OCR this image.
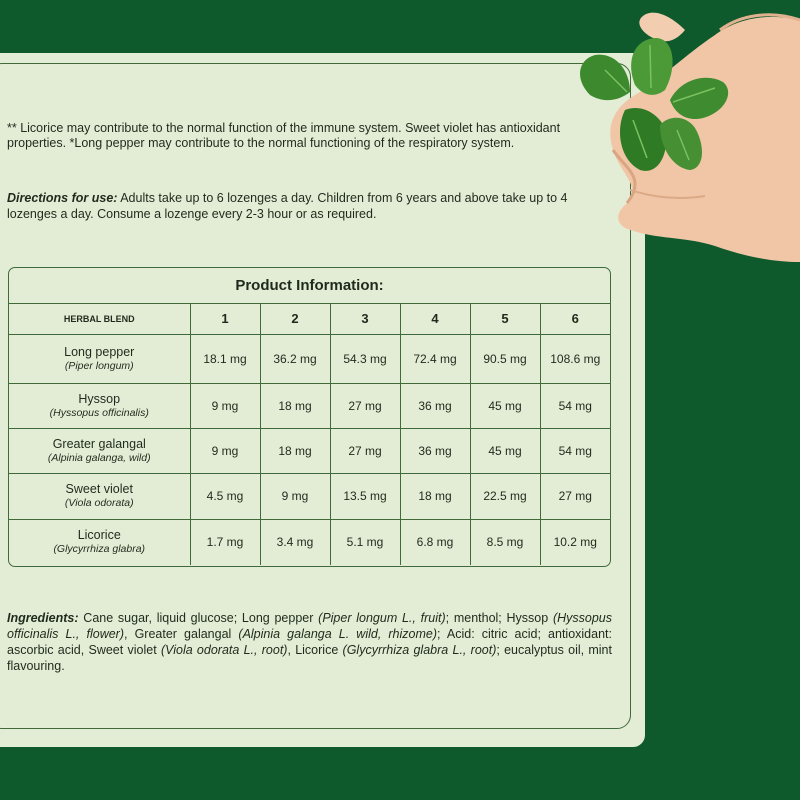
** Licorice may contribute to the normal function of the immune system. Sweet violet has antioxidant properties. *Long pepper may contribute to the normal functioning of the respiratory system.

Directions for use: Adults take up to 6 lozenges a day. Children from 6 years and above take up to 4 lozenges a day. Consume a lozenge every 2-3 hour or as required.

Product Information:
HERBAL BLEND	1	2	3	4	5	6

Long pepper
(Piper longum)	18.1 mg	36.2 mg	54.3 mg	72.4 mg	90.5 mg	108.6 mg

Hyssop
(Hyssopus officinalis)	9 mg	18 mg	27 mg	36 mg	45 mg	54 mg

Greater galangal
(Alpinia galanga, wild)	9 mg	18 mg	27 mg	36 mg	45 mg	54 mg

Sweet violet
(Viola odorata)	4.5 mg	9 mg	13.5 mg	18 mg	22.5 mg	27 mg

Licorice
(Glycyrrhiza glabra)	1.7 mg	3.4 mg	5.1 mg	6.8 mg	8.5 mg	10.2 mg

Ingredients: Cane sugar, liquid glucose; Long pepper (Piper longum L., fruit); menthol; Hyssop (Hyssopus officinalis L., flower), Greater galangal (Alpinia galanga L. wild, rhizome); Acid: citric acid; antioxidant: ascorbic acid, Sweet violet (Viola odorata L., root), Licorice (Glycyrrhiza glabra L., root); eucalyptus oil, mint flavouring.
